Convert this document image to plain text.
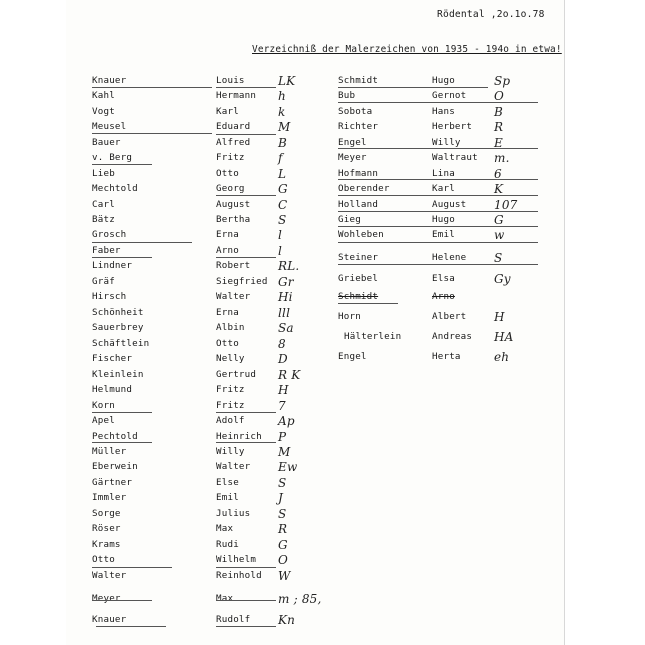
Rödental ,2o.1o.78
Verzeichniß der Malerzeichen von 1935 - 194o in etwa!
Knauer	Louis	LK
Kahl	Hermann h
Vogt	Karl	k
Meusel	Eduard M
Bauer	Alfred B
v. Berg	Fritz	f
Lieb	Otto	L
Mechtold	Georg	G
Carl	August C
Bätz	Bertha S
Grosch	Erna	l
Faber	Arno	l
Lindner	Robert RL.
Gräf	Siegfried Gr
Hirsch	Walter Hi
Schönheit	Erna	lll
Sauerbrey	Albin	Sa
Schäftlein	Otto	8
Fischer	Nelly	D
Kleinlein	Gertrud R K
Helmund	Fritz	H
Korn	Fritz	7
Apel	Adolf	Ap
Pechtold	Heinrich P
Müller	Willy	M
Eberwein	Walter Ew
Gärtner	Else	S
Immler	Emil	J
Sorge	Julius S
Röser	Max	R
Krams	Rudi	G
Otto	Wilhelm O
Walter	Reinhold W
Meyer	Max	m ; 85,
Knauer	Rudolf Kn
Schmidt	Hugo	Sp
Bub	Gernot O
Sobota	Hans	B
Richter	Herbert R
Engel	Willy	E
Meyer	Waltraut m.
Hofmann	Lina	6
Oberender	Karl	K
Holland	August 107
Gieg	Hugo	G
Wohleben	Emil	w
Steiner	Helene S
Griebel	Elsa	Gy
Schmidt	Arno
Horn	Albert H
Hälterlein	Andreas HA
Engel	Herta	eh
